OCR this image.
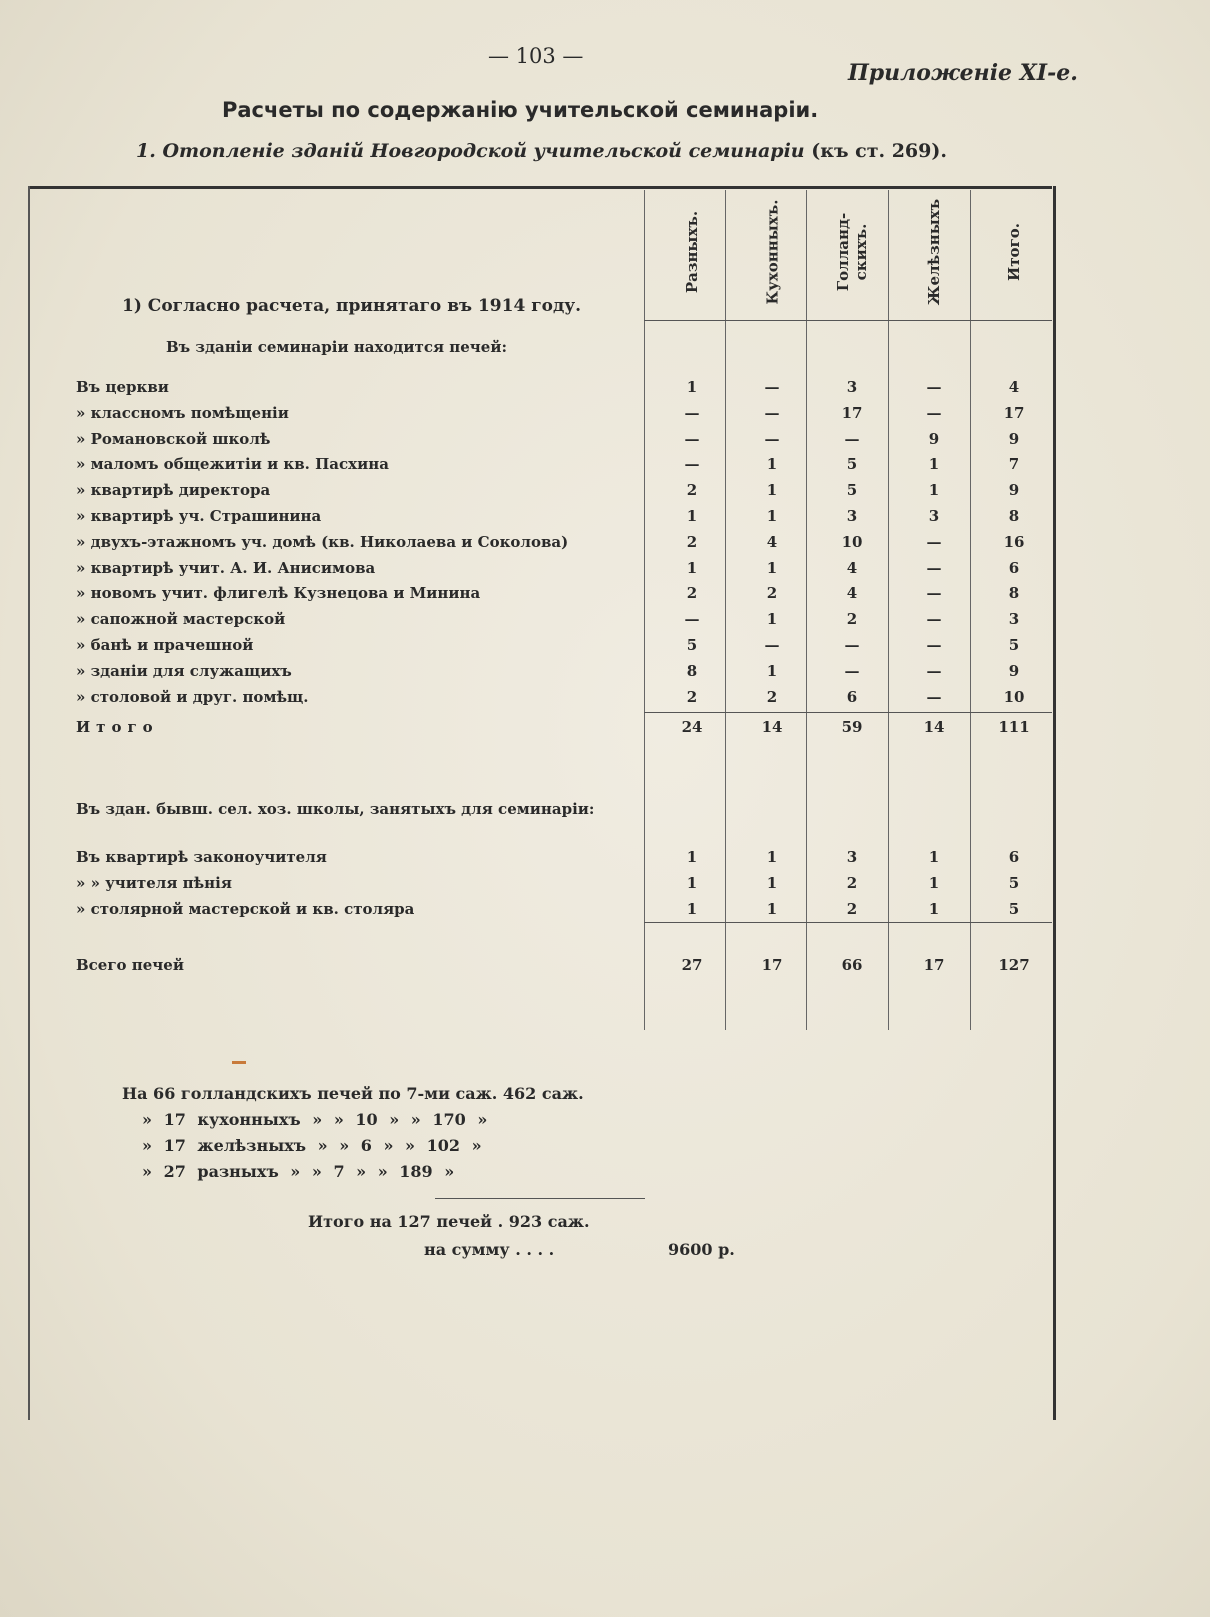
— 103 —
Приложеніе XI-е.
Расчеты по содержанію учительской семинаріи.
1. Отопленіе зданій Новгородской учительской семинаріи (къ ст. 269).
Разныхъ.	Кухонныхъ.	Голланд-
скихъ.	Желѣзныхъ	Итого.
1) Согласно расчета, принятаго въ 1914 году.
Въ зданіи семинаріи находится печей:
Въ церкви	1	—	3	—	4
» классномъ помѣщеніи	—	—	17	—	17
» Романовской школѣ	—	—	—	9	9
» маломъ общежитіи и кв. Пасхина	—	1	5	1	7
» квартирѣ директора	2	1	5	1	9
» квартирѣ уч. Страшинина	1	1	3	3	8
» двухъ-этажномъ уч. домѣ (кв. Николаева и Соколова)	2	4	10	—	16
» квартирѣ учит. А. И. Анисимова	1	1	4	—	6
» новомъ учит. флигелѣ Кузнецова и Минина	2	2	4	—	8
» сапожной мастерской	—	1	2	—	3
» банѣ и прачешной	5	—	—	—	5
» зданіи для служащихъ	8	1	—	—	9
» столовой и друг. помѣщ.	2	2	6	—	10
Итого	24	14	59	14	111
Въ здан. бывш. сел. хоз. школы, занятыхъ для семинаріи:
Въ квартирѣ законоучителя	1	1	3	1	6
» » учителя пѣнія	1	1	2	1	5
» столярной мастерской и кв. столяра	1	1	2	1	5
Всего печей	27	17	66	17	127
На 66 голландскихъ печей по 7-ми саж. 462 саж.
» 17 кухонныхъ » » 10 » » 170 »
» 17 желѣзныхъ » » 6 » » 102 »
» 27 разныхъ » » 7 » » 189 »
Итого на 127 печей . 923 саж.
на сумму . . . .	9600 р.
